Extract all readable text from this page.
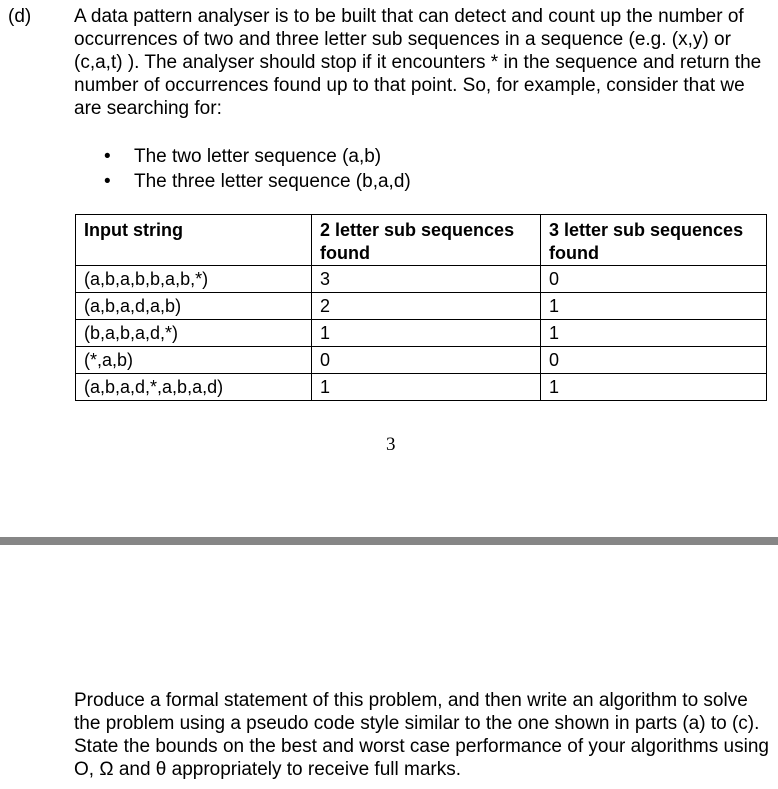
(d) A data pattern analyser is to be built that can detect and count up the number of occurrences of two and three letter sub sequences in a sequence (e.g. (x,y) or (c,a,t) ). The analyser should stop if it encounters * in the sequence and return the number of occurrences found up to that point. So, for example, consider that we are searching for:
• The two letter sequence (a,b)
• The three letter sequence (b,a,d)
Input string	2 letter sub sequences found	3 letter sub sequences found
(a,b,a,b,b,a,b,*)	3	0
(a,b,a,d,a,b)	2	1
(b,a,b,a,d,*)	1	1
(*,a,b)	0	0
(a,b,a,d,*,a,b,a,d)	1	1
3
Produce a formal statement of this problem, and then write an algorithm to solve the problem using a pseudo code style similar to the one shown in parts (a) to (c). State the bounds on the best and worst case performance of your algorithms using O, Ω and θ appropriately to receive full marks.
